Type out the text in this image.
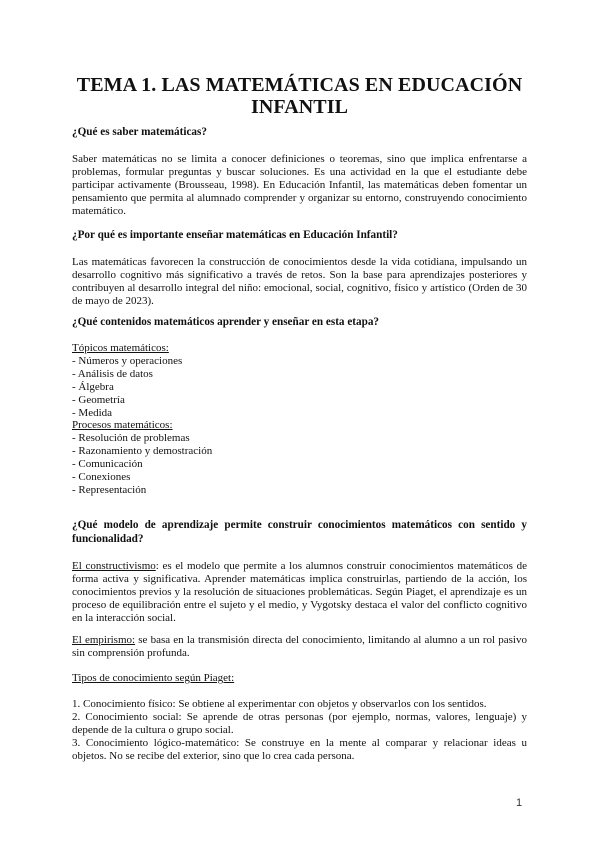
TEMA 1. LAS MATEMÁTICAS EN EDUCACIÓN INFANTIL
¿Qué es saber matemáticas?
Saber matemáticas no se limita a conocer definiciones o teoremas, sino que implica enfrentarse a problemas, formular preguntas y buscar soluciones. Es una actividad en la que el estudiante debe participar activamente (Brousseau, 1998). En Educación Infantil, las matemáticas deben fomentar un pensamiento que permita al alumnado comprender y organizar su entorno, construyendo conocimiento matemático.
¿Por qué es importante enseñar matemáticas en Educación Infantil?
Las matemáticas favorecen la construcción de conocimientos desde la vida cotidiana, impulsando un desarrollo cognitivo más significativo a través de retos. Son la base para aprendizajes posteriores y contribuyen al desarrollo integral del niño: emocional, social, cognitivo, físico y artístico (Orden de 30 de mayo de 2023).
¿Qué contenidos matemáticos aprender y enseñar en esta etapa?
Tópicos matemáticos:
- Números y operaciones
- Análisis de datos
- Álgebra
- Geometría
- Medida
Procesos matemáticos:
- Resolución de problemas
- Razonamiento y demostración
- Comunicación
- Conexiones
- Representación
¿Qué modelo de aprendizaje permite construir conocimientos matemáticos con sentido y funcionalidad?
El constructivismo: es el modelo que permite a los alumnos construir conocimientos matemáticos de forma activa y significativa. Aprender matemáticas implica construirlas, partiendo de la acción, los conocimientos previos y la resolución de situaciones problemáticas. Según Piaget, el aprendizaje es un proceso de equilibración entre el sujeto y el medio, y Vygotsky destaca el valor del conflicto cognitivo en la interacción social.
El empirismo: se basa en la transmisión directa del conocimiento, limitando al alumno a un rol pasivo sin comprensión profunda.
Tipos de conocimiento según Piaget:
1. Conocimiento físico: Se obtiene al experimentar con objetos y observarlos con los sentidos.
2. Conocimiento social: Se aprende de otras personas (por ejemplo, normas, valores, lenguaje) y depende de la cultura o grupo social.
3. Conocimiento lógico-matemático: Se construye en la mente al comparar y relacionar ideas u objetos. No se recibe del exterior, sino que lo crea cada persona.
1
